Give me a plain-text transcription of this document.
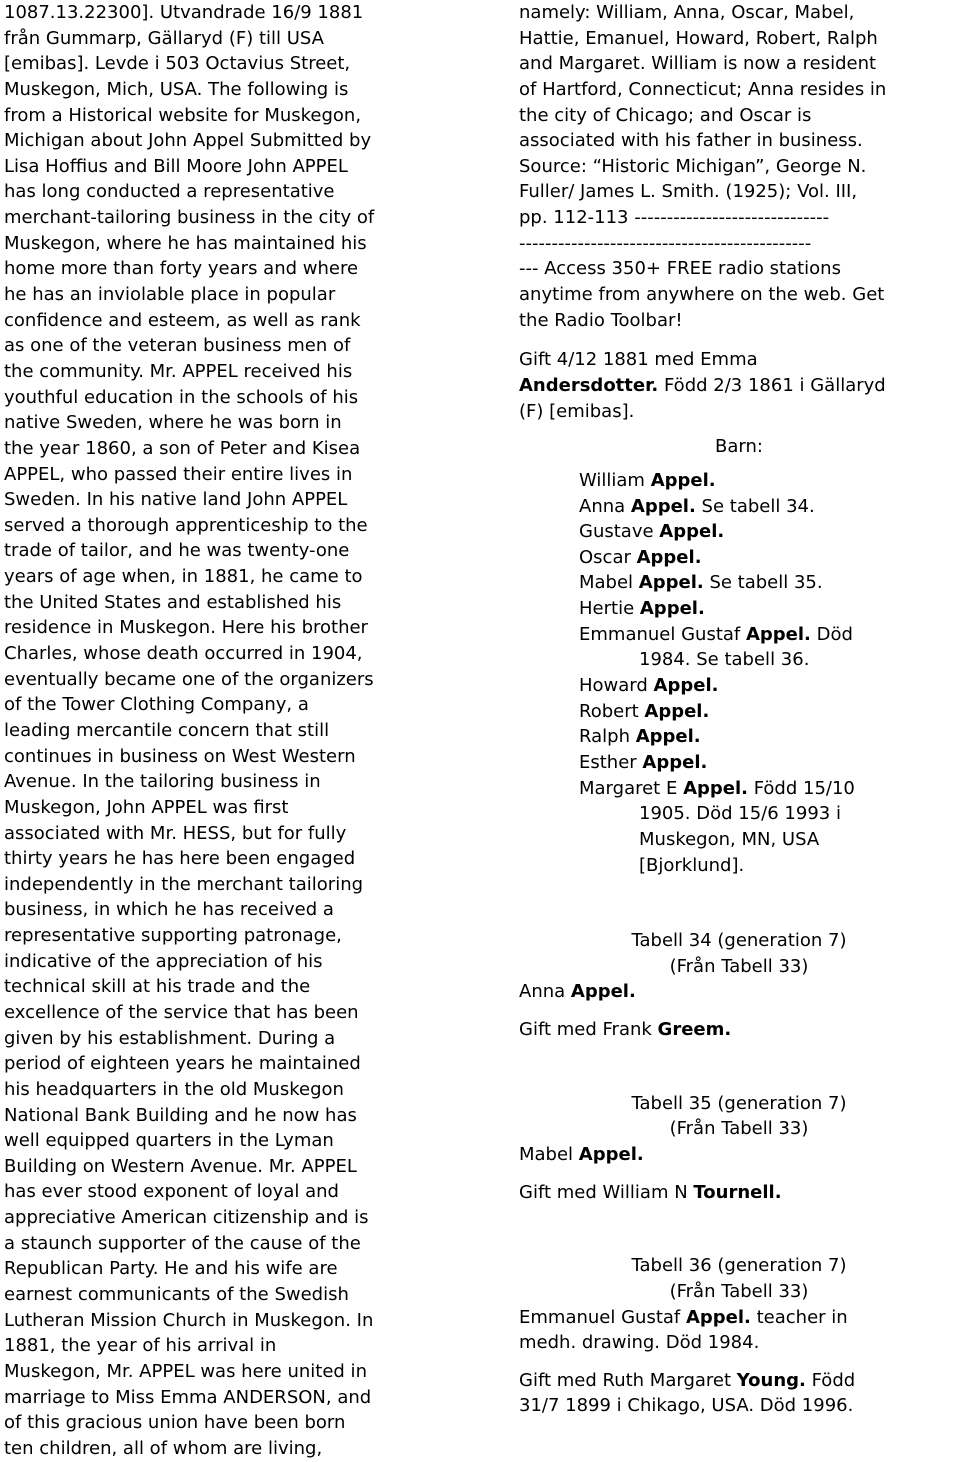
1087.13.22300]. Utvandrade 16/9 1881
från Gummarp, Gällaryd (F) till USA
[emibas]. Levde i 503 Octavius Street,
Muskegon, Mich, USA. The following is
from a Historical website for Muskegon,
Michigan about John Appel Submitted by
Lisa Hoffius and Bill Moore John APPEL
has long conducted a representative
merchant-tailoring business in the city of
Muskegon, where he has maintained his
home more than forty years and where
he has an inviolable place in popular
confidence and esteem, as well as rank
as one of the veteran business men of
the community. Mr. APPEL received his
youthful education in the schools of his
native Sweden, where he was born in
the year 1860, a son of Peter and Kisea
APPEL, who passed their entire lives in
Sweden. In his native land John APPEL
served a thorough apprenticeship to the
trade of tailor, and he was twenty-one
years of age when, in 1881, he came to
the United States and established his
residence in Muskegon. Here his brother
Charles, whose death occurred in 1904,
eventually became one of the organizers
of the Tower Clothing Company, a
leading mercantile concern that still
continues in business on West Western
Avenue. In the tailoring business in
Muskegon, John APPEL was first
associated with Mr. HESS, but for fully
thirty years he has here been engaged
independently in the merchant tailoring
business, in which he has received a
representative supporting patronage,
indicative of the appreciation of his
technical skill at his trade and the
excellence of the service that has been
given by his establishment. During a
period of eighteen years he maintained
his headquarters in the old Muskegon
National Bank Building and he now has
well equipped quarters in the Lyman
Building on Western Avenue. Mr. APPEL
has ever stood exponent of loyal and
appreciative American citizenship and is
a staunch supporter of the cause of the
Republican Party. He and his wife are
earnest communicants of the Swedish
Lutheran Mission Church in Muskegon. In
1881, the year of his arrival in
Muskegon, Mr. APPEL was here united in
marriage to Miss Emma ANDERSON, and
of this gracious union have been born
ten children, all of whom are living,
namely: William, Anna, Oscar, Mabel,
Hattie, Emanuel, Howard, Robert, Ralph
and Margaret. William is now a resident
of Hartford, Connecticut; Anna resides in
the city of Chicago; and Oscar is
associated with his father in business.
Source: “Historic Michigan”, George N.
Fuller/ James L. Smith. (1925); Vol. III,
pp. 112-113 ------------------------------
---------------------------------------------
--- Access 350+ FREE radio stations
anytime from anywhere on the web. Get
the Radio Toolbar!
Gift 4/12 1881 med Emma
Andersdotter. Född 2/3 1861 i Gällaryd
(F) [emibas].
Barn:
William Appel.
Anna Appel. Se tabell 34.
Gustave Appel.
Oscar Appel.
Mabel Appel. Se tabell 35.
Hertie Appel.
Emmanuel Gustaf Appel. Död
1984. Se tabell 36.
Howard Appel.
Robert Appel.
Ralph Appel.
Esther Appel.
Margaret E Appel. Född 15/10
1905. Död 15/6 1993 i
Muskegon, MN, USA
[Bjorklund].
Tabell 34 (generation 7)
(Från Tabell 33)
Anna Appel.
Gift med Frank Greem.
Tabell 35 (generation 7)
(Från Tabell 33)
Mabel Appel.
Gift med William N Tournell.
Tabell 36 (generation 7)
(Från Tabell 33)
Emmanuel Gustaf Appel. teacher in
medh. drawing. Död 1984.
Gift med Ruth Margaret Young. Född
31/7 1899 i Chikago, USA. Död 1996.
